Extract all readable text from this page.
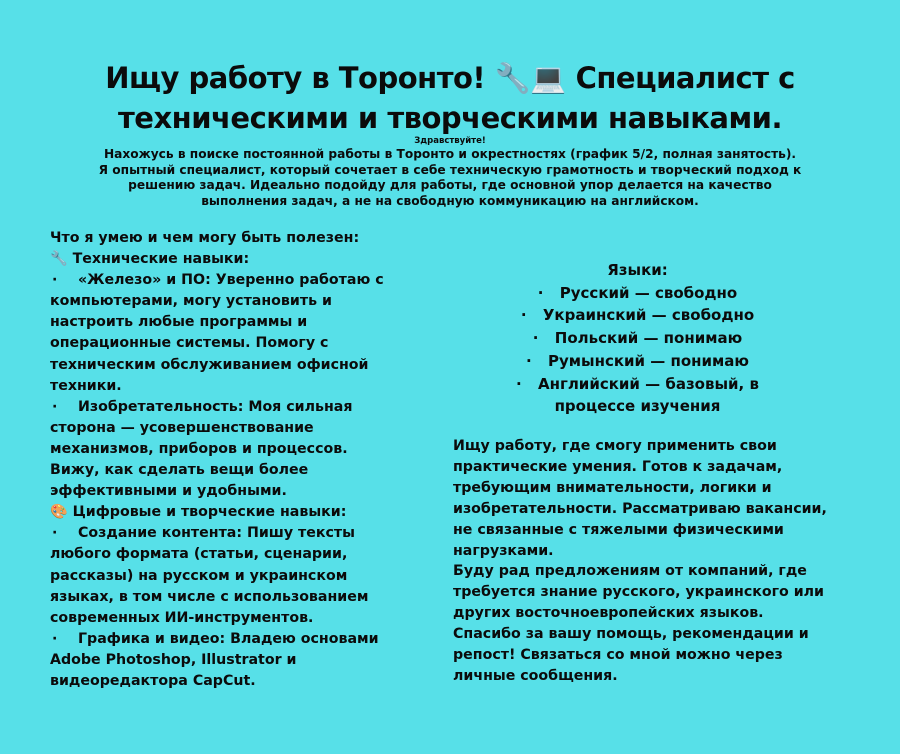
Ищу работу в Торонто! 🔧💻 Специалист с
техническими и творческими навыками.
Здравствуйте!
Нахожусь в поиске постоянной работы в Торонто и окрестностях (график 5/2, полная занятость).
Я опытный специалист, который сочетает в себе техническую грамотность и творческий подход к
решению задач. Идеально подойду для работы, где основной упор делается на качество
выполнения задач, а не на свободную коммуникацию на английском.

Что я умею и чем могу быть полезен:

🔧 Технические навыки:

· «Железо» и ПО: Уверенно работаю с

компьютерами, могу установить и

настроить любые программы и

операционные системы. Помогу с

техническим обслуживанием офисной

техники.

· Изобретательность: Моя сильная

сторона — усовершенствование

механизмов, приборов и процессов.

Вижу, как сделать вещи более

эффективными и удобными.

🎨 Цифровые и творческие навыки:

· Создание контента: Пишу тексты

любого формата (статьи, сценарии,

рассказы) на русском и украинском

языках, в том числе с использованием

современных ИИ-инструментов.

· Графика и видео: Владею основами

Adobe Photoshop, Illustrator и

видеоредактора CapCut.

Языки:
· Русский — свободно
· Украинский — свободно
· Польский — понимаю
· Румынский — понимаю
· Английский — базовый, в
процессе изучения

Ищу работу, где смогу применить свои

практические умения. Готов к задачам,

требующим внимательности, логики и

изобретательности. Рассматриваю вакансии,

не связанные с тяжелыми физическими

нагрузками.

Буду рад предложениям от компаний, где

требуется знание русского, украинского или

других восточноевропейских языков.

Спасибо за вашу помощь, рекомендации и

репост! Связаться со мной можно через

личные сообщения.
